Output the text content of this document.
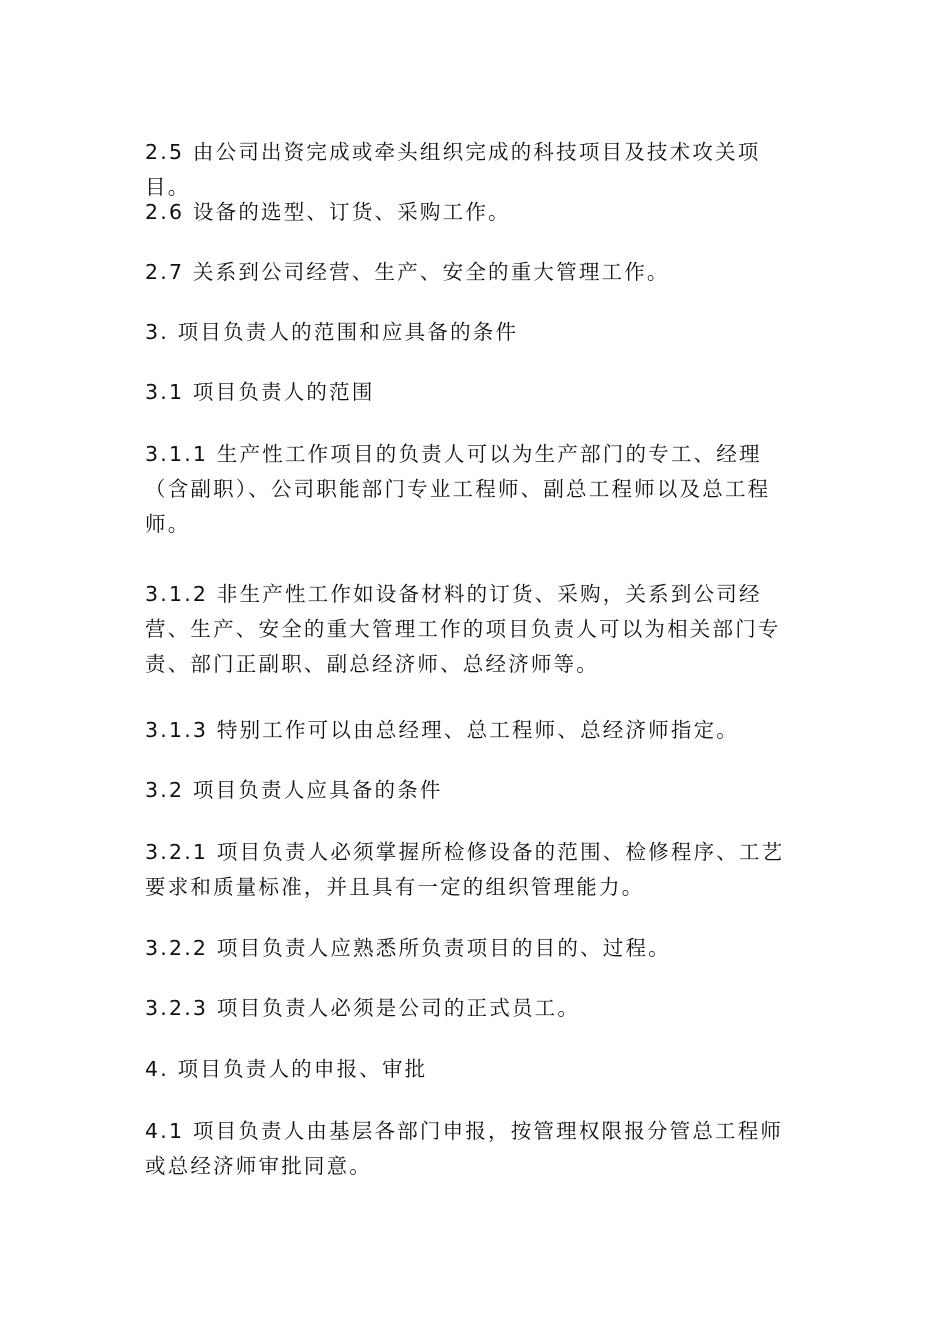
2.5 由公司出资完成或牵头组织完成的科技项目及技术攻关项目。

2.6 设备的选型、订货、采购工作。

2.7 关系到公司经营、生产、安全的重大管理工作。

3. 项目负责人的范围和应具备的条件

3.1 项目负责人的范围

3.1.1 生产性工作项目的负责人可以为生产部门的专工、经理（含副职）、公司职能部门专业工程师、副总工程师以及总工程师。

3.1.2 非生产性工作如设备材料的订货、采购，关系到公司经营、生产、安全的重大管理工作的项目负责人可以为相关部门专责、部门正副职、副总经济师、总经济师等。

3.1.3 特别工作可以由总经理、总工程师、总经济师指定。

3.2 项目负责人应具备的条件

3.2.1 项目负责人必须掌握所检修设备的范围、检修程序、工艺要求和质量标准，并且具有一定的组织管理能力。

3.2.2 项目负责人应熟悉所负责项目的目的、过程。

3.2.3 项目负责人必须是公司的正式员工。

4. 项目负责人的申报、审批

4.1 项目负责人由基层各部门申报，按管理权限报分管总工程师或总经济师审批同意。
